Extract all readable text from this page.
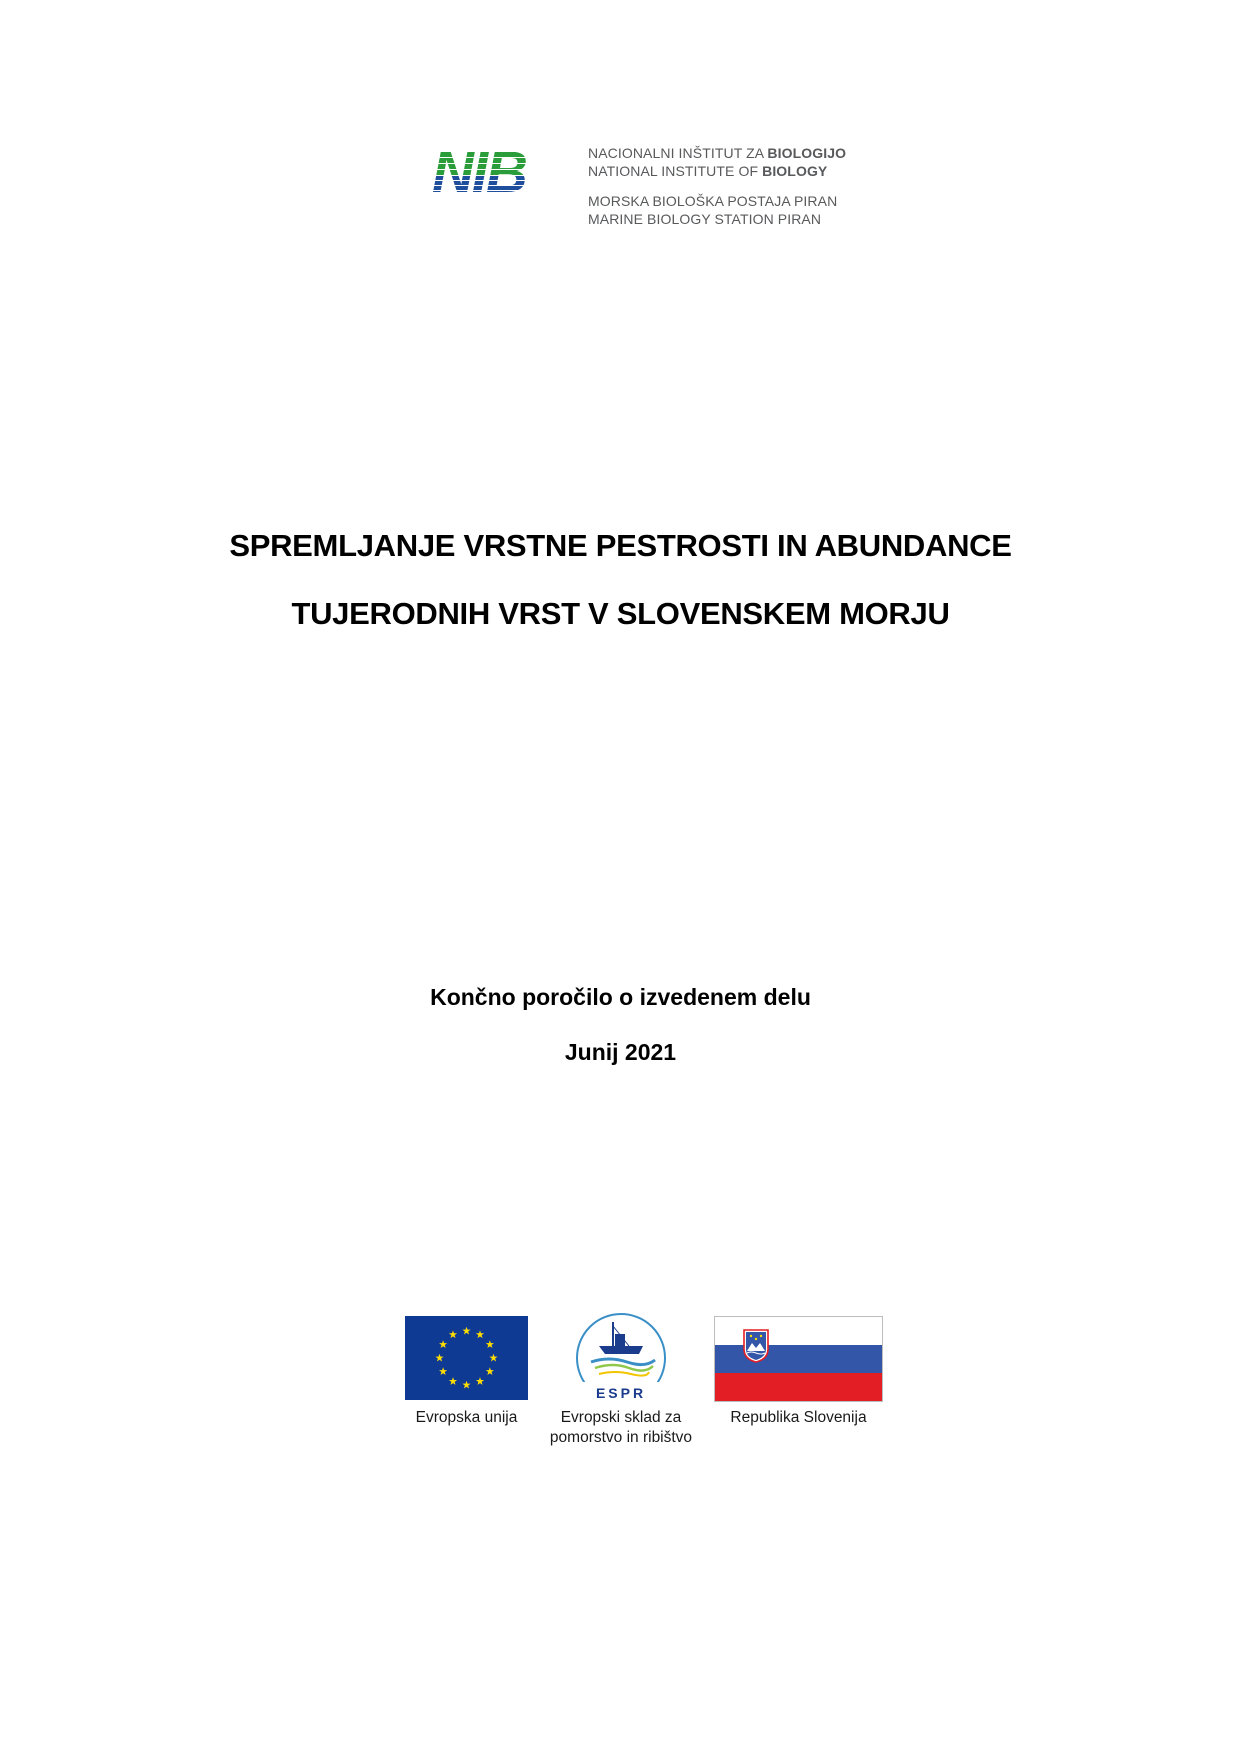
NACIONALNI INŠTITUT ZA BIOLOGIJO
NATIONAL INSTITUTE OF BIOLOGY
MORSKA BIOLOŠKA POSTAJA PIRAN
MARINE BIOLOGY STATION PIRAN
SPREMLJANJE VRSTNE PESTROSTI IN ABUNDANCE
TUJERODNIH VRST V SLOVENSKEM MORJU
Končno poročilo o izvedenem delu
Junij 2021
Evropska unija
ESPR
Evropski sklad za
pomorstvo in ribištvo
Republika Slovenija
